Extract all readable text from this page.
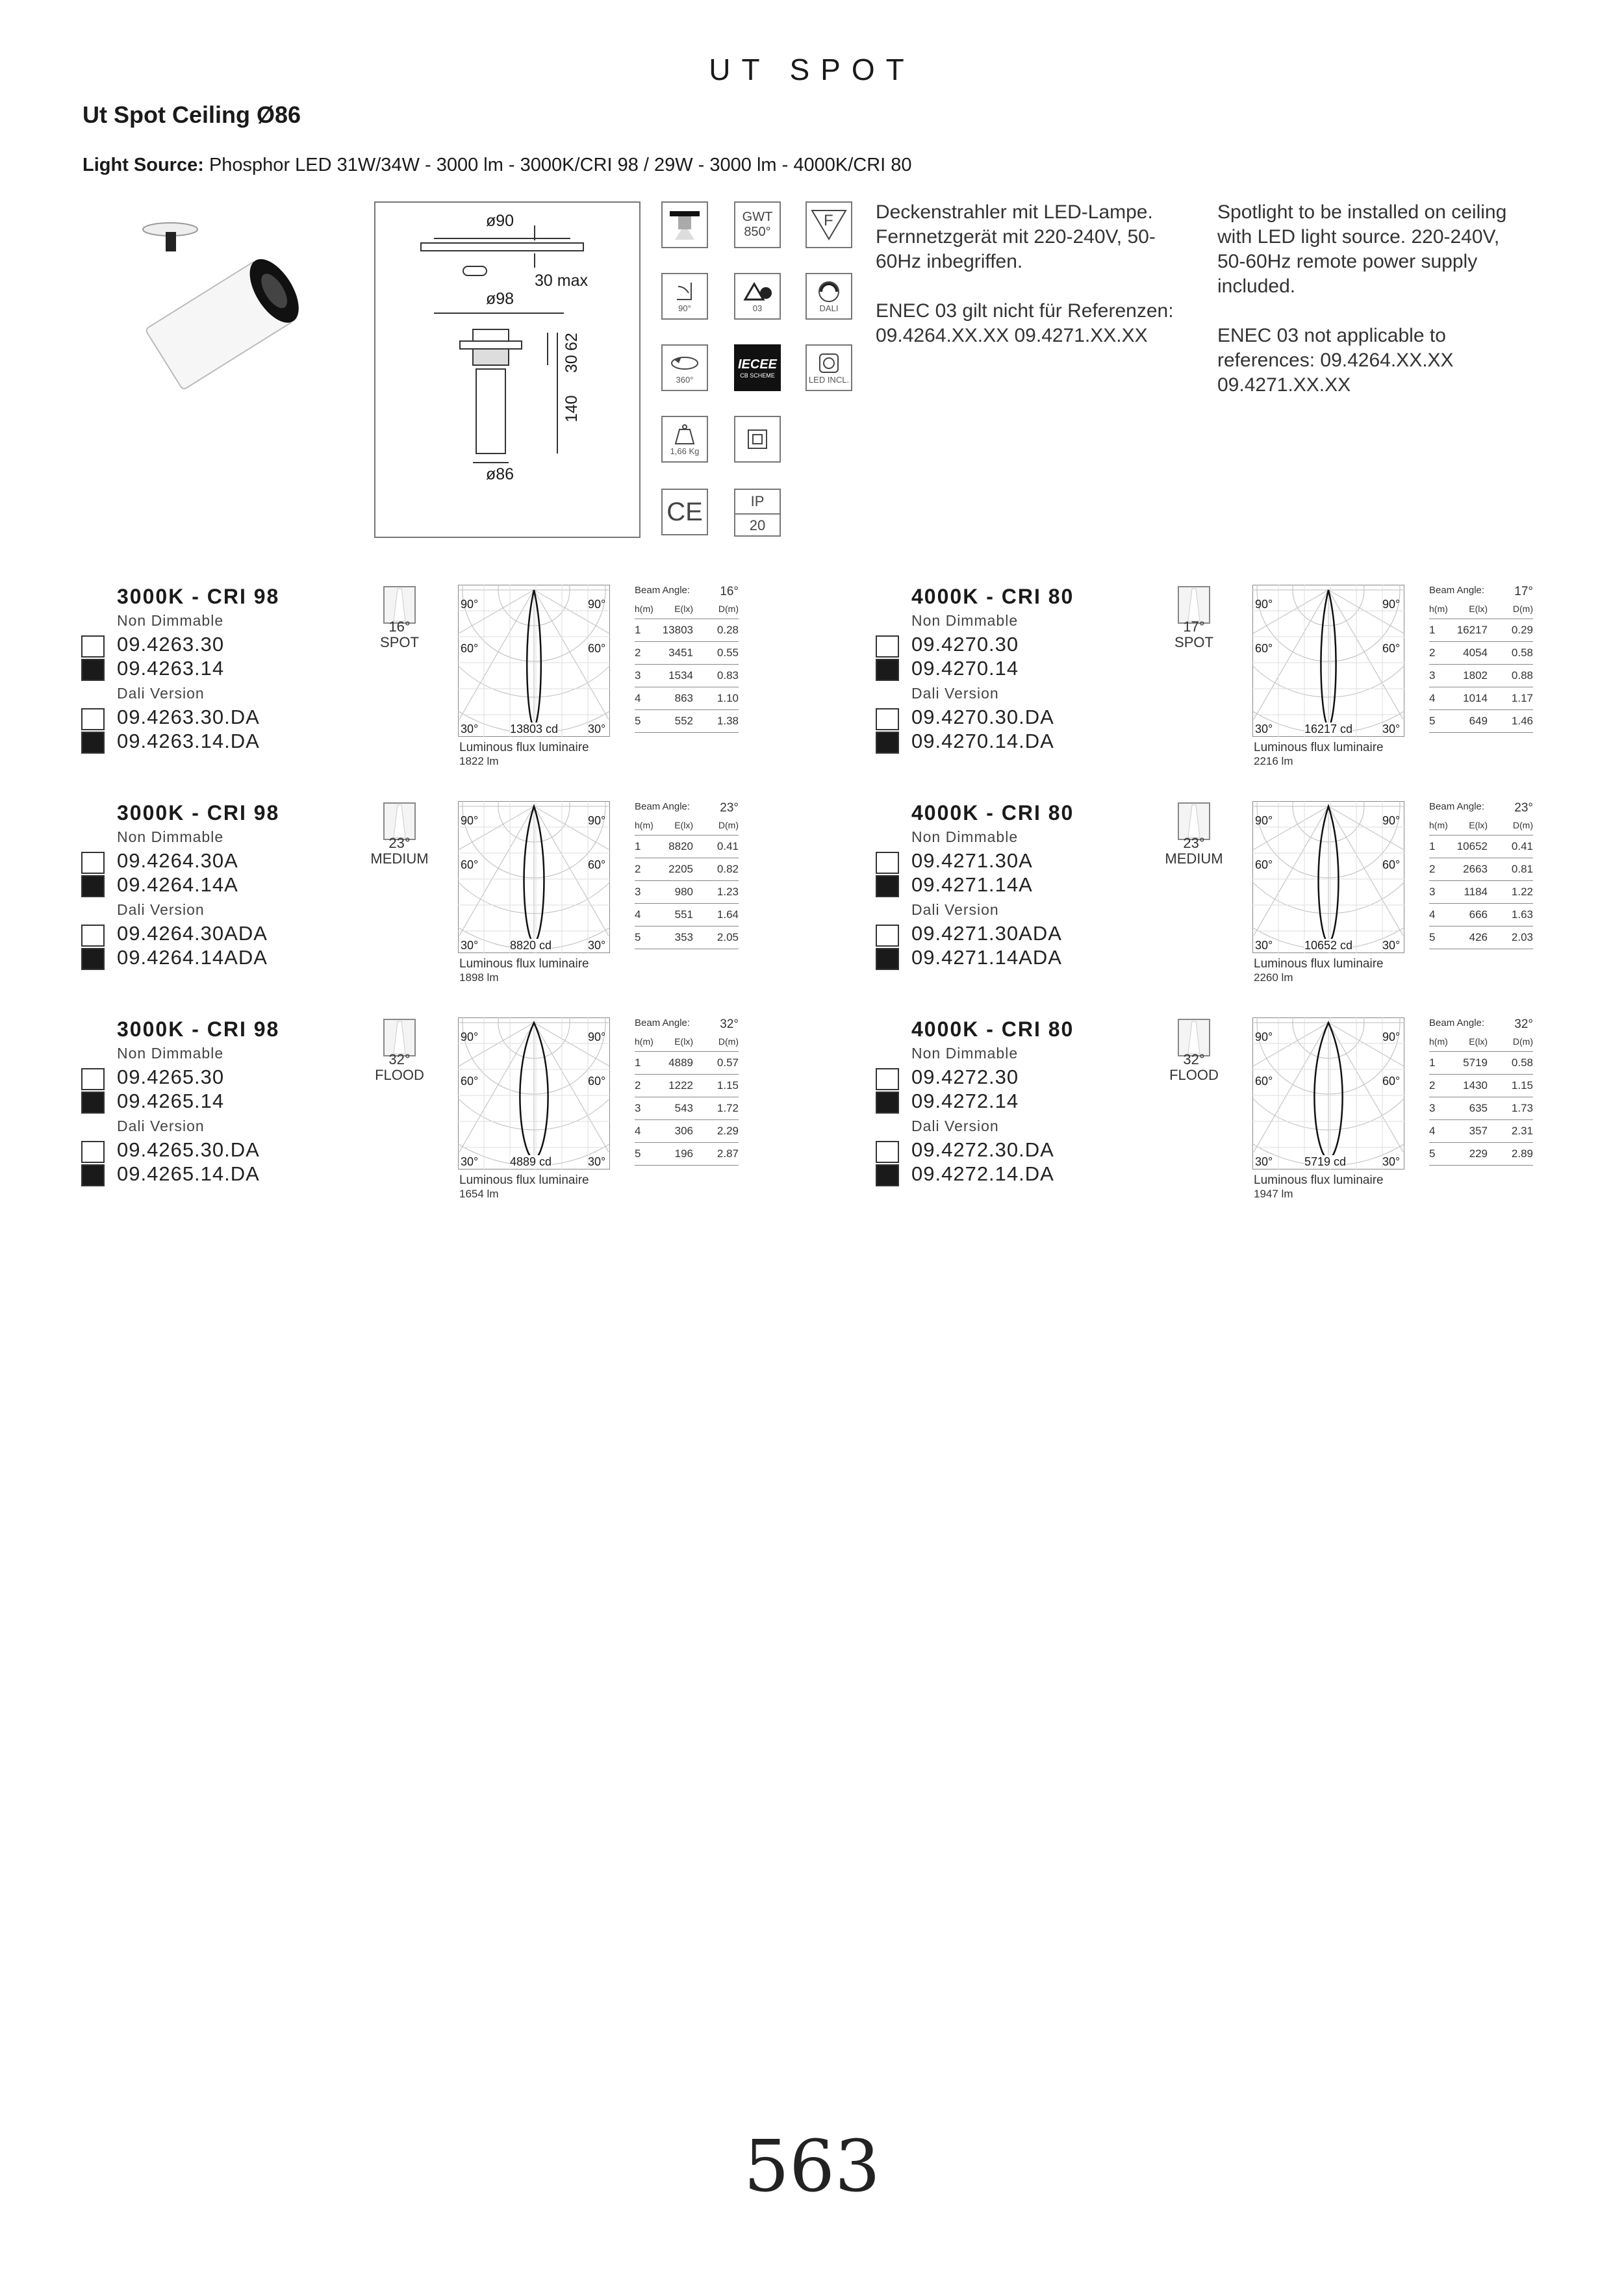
UT SPOT
Ut Spot Ceiling Ø86
Light Source: Phosphor LED 31W/34W - 3000 lm - 3000K/CRI 98 / 29W - 3000 lm - 4000K/CRI 80
ø90
30 max
ø98
30
62
140
ø86
GWT
850°
F
90°	03	DALI
360°
IECEE
CB SCHEME	LED INCL.
1,66 Kg
CE	IP
20
Deckenstrahler mit LED-Lampe. Fernnetzgerät mit 220-240V, 50-60Hz inbegriffen.
ENEC 03 gilt nicht für Referenzen: 09.4264.XX.XX 09.4271.XX.XX
Spotlight to be installed on ceiling with LED light source. 220-240V, 50-60Hz remote power supply included.
ENEC 03 not applicable to references: 09.4264.XX.XX 09.4271.XX.XX
3000K - CRI 98
Non Dimmable
09.4263.30
09.4263.14
Dali Version
09.4263.30.DA
09.4263.14.DA
16°
SPOT
90°	90°
60°	60°
30°	30°
13803 cd
Luminous flux luminaire
1822 lm
Beam Angle: 16°
h(m)	E(lx)	D(m)
1	13803	0.28
2	3451	0.55
3	1534	0.83
4	863	1.10
5	552	1.38
4000K - CRI 80
Non Dimmable
09.4270.30
09.4270.14
Dali Version
09.4270.30.DA
09.4270.14.DA
17°
SPOT
90°	90°
60°	60°
30°	30°
16217 cd
Luminous flux luminaire
2216 lm
Beam Angle: 17°
h(m)	E(lx)	D(m)
1	16217	0.29
2	4054	0.58
3	1802	0.88
4	1014	1.17
5	649	1.46
3000K - CRI 98
Non Dimmable
09.4264.30A
09.4264.14A
Dali Version
09.4264.30ADA
09.4264.14ADA
23°
MEDIUM
90°	90°
60°	60°
30°	30°
8820 cd
Luminous flux luminaire
1898 lm
Beam Angle: 23°
h(m)	E(lx)	D(m)
1	8820	0.41
2	2205	0.82
3	980	1.23
4	551	1.64
5	353	2.05
4000K - CRI 80
Non Dimmable
09.4271.30A
09.4271.14A
Dali Version
09.4271.30ADA
09.4271.14ADA
23°
MEDIUM
90°	90°
60°	60°
30°	30°
10652 cd
Luminous flux luminaire
2260 lm
Beam Angle: 23°
h(m)	E(lx)	D(m)
1	10652	0.41
2	2663	0.81
3	1184	1.22
4	666	1.63
5	426	2.03
3000K - CRI 98
Non Dimmable
09.4265.30
09.4265.14
Dali Version
09.4265.30.DA
09.4265.14.DA
32°
FLOOD
90°	90°
60°	60°
30°	30°
4889 cd
Luminous flux luminaire
1654 lm
Beam Angle: 32°
h(m)	E(lx)	D(m)
1	4889	0.57
2	1222	1.15
3	543	1.72
4	306	2.29
5	196	2.87
4000K - CRI 80
Non Dimmable
09.4272.30
09.4272.14
Dali Version
09.4272.30.DA
09.4272.14.DA
32°
FLOOD
90°	90°
60°	60°
30°	30°
5719 cd
Luminous flux luminaire
1947 lm
Beam Angle: 32°
h(m)	E(lx)	D(m)
1	5719	0.58
2	1430	1.15
3	635	1.73
4	357	2.31
5	229	2.89
563
